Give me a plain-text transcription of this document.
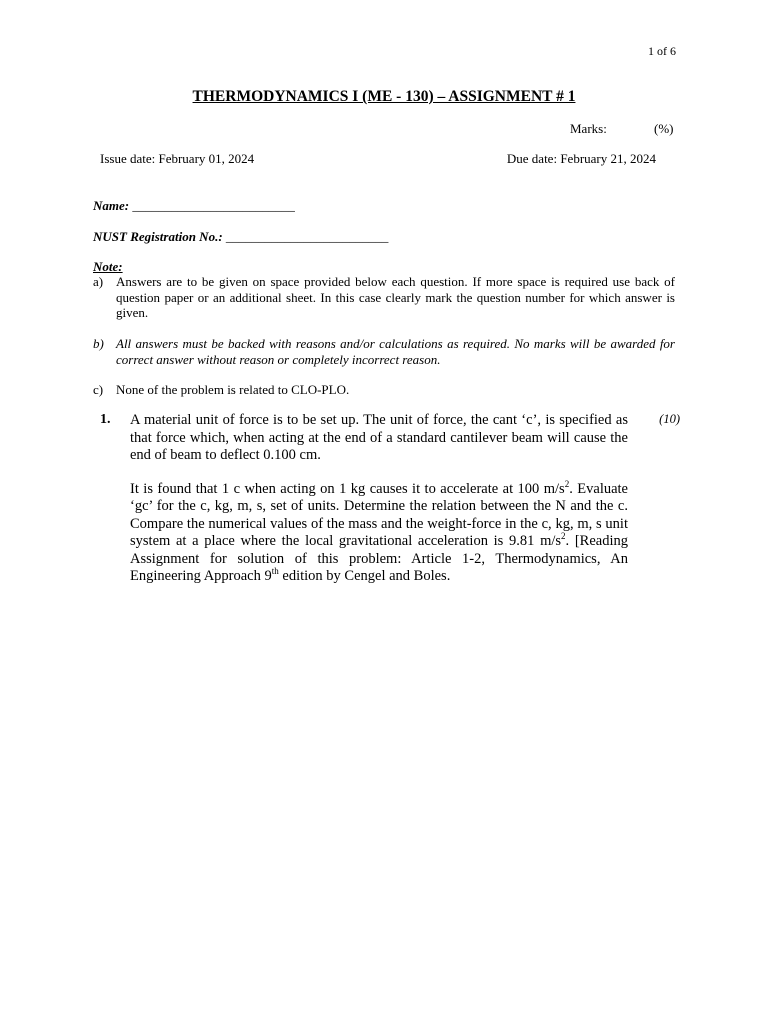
1 of 6
THERMODYNAMICS I (ME - 130) – ASSIGNMENT # 1
Marks:	(%)
Issue date: February 01, 2024	Due date: February 21, 2024
Name: _________________________
NUST Registration No.: _________________________
Note:
a) Answers are to be given on space provided below each question. If more space is required use back of question paper or an additional sheet. In this case clearly mark the question number for which answer is given.
b) All answers must be backed with reasons and/or calculations as required. No marks will be awarded for correct answer without reason or completely incorrect reason.
c) None of the problem is related to CLO-PLO.
1.	(10)

A material unit of force is to be set up. The unit of force, the cant ‘c’, is specified as that force which, when acting at the end of a standard cantilever beam will cause the end of beam to deflect 0.100 cm.

It is found that 1 c when acting on 1 kg causes it to accelerate at 100 $m/s^2$. Evaluate ‘gc’ for the c, kg, m, s, set of units. Determine the relation between the N and the c. Compare the numerical values of the mass and the weight-force in the c, kg, m, s unit system at a place where the local gravitational acceleration is 9.81 $m/s^2$. [Reading Assignment for solution of this problem: Article 1-2, Thermodynamics, An Engineering Approach 9th edition by Cengel and Boles.
